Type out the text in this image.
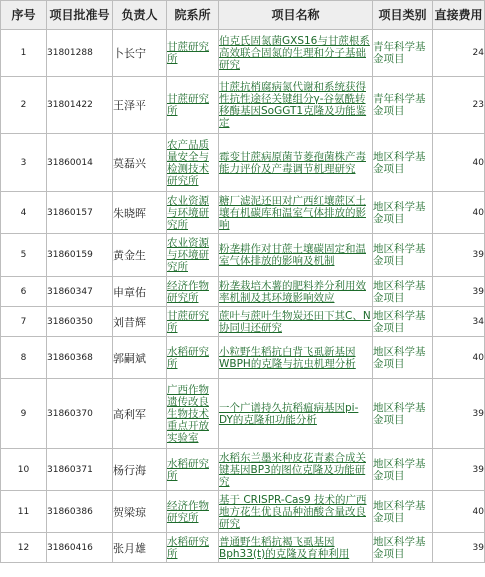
序号	项目批准号	负责人	院系所	项目名称	项目类别	直接费用
1	31801288	卜长宁	甘蔗研究所	伯克氏固氮菌GXS16与甘蔗根系高效联合固氮的生理和分子基础研究	青年科学基金项目	24
2	31801422	王泽平	甘蔗研究所	甘蔗抗梢腐病氮代谢和系统获得性抗性途径关键组分γ-谷氨酰转移酶基因SoGGT1克隆及功能鉴定	青年科学基金项目	23
3	31860014	莫磊兴	农产品质量安全与检测技术研究所	霉变甘蔗病原菌节菱孢菌株产毒能力评价及产毒调节机理研究	地区科学基金项目	40
4	31860157	朱晓晖	农业资源与环境研究所	糖厂滤泥还田对广西红壤蔗区土壤有机碳库和温室气体排放的影响	地区科学基金项目	40
5	31860159	黄金生	农业资源与环境研究所	粉垄耕作对甘蔗土壤碳固定和温室气体排放的影响及机制	地区科学基金项目	39
6	31860347	申章佑	经济作物研究所	粉垄栽培木薯的肥料养分利用效率机制及其环境影响效应	地区科学基金项目	39
7	31860350	刘昔辉	甘蔗研究所	蔗叶与蔗叶生物炭还田下其C、N协同归还研究	地区科学基金项目	34
8	31860368	郭嗣斌	水稻研究所	小粒野生稻抗白背飞虱新基因WBPH的克隆与抗虫机理分析	地区科学基金项目	40
9	31860370	高利军	广西作物遗传改良生物技术重点开放实验室	一个广谱持久抗稻瘟病基因pi-DY的克隆和功能分析	地区科学基金项目	39
10	31860371	杨行海	水稻研究所	水稻东兰墨米种皮花青素合成关键基因BP3的图位克隆及功能研究	地区科学基金项目	39
11	31860386	贺梁琼	经济作物研究所	基于 CRISPR-Cas9 技术的广西地方花生优良品种油酸含量改良研究	地区科学基金项目	40
12	31860416	张月雄	水稻研究所	普通野生稻抗褐飞虱基因Bph33(t)的克隆及育种利用	地区科学基金项目	39
